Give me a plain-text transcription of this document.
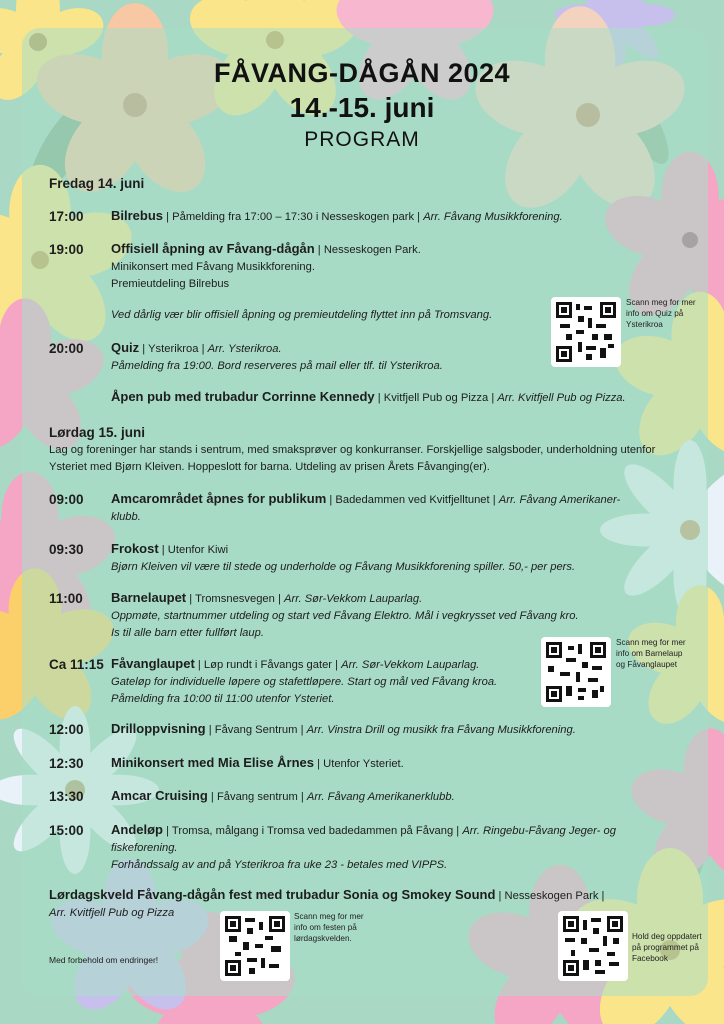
FÅVANG-DÅGÅN 2024
14.-15. juni
PROGRAM
Fredag 14. juni
17:00 Bilrebus | Påmelding fra 17:00 – 17:30 i Nesseskogen park | Arr. Fåvang Musikkforening.
19:00 Offisiell åpning av Fåvang-dågån | Nesseskogen Park.
Minikonsert med Fåvang Musikkforening.
Premieutdeling Bilrebus
Ved dårlig vær blir offisiell åpning og premieutdeling flyttet inn på Tromsvang.
20:00 Quiz | Ysterikroa | Arr. Ysterikroa.
Påmelding fra 19:00. Bord reserveres på mail eller tlf. til Ysterikroa.
Åpen pub med trubadur Corrinne Kennedy | Kvitfjell Pub og Pizza | Arr. Kvitfjell Pub og Pizza.
Scann meg for mer info om Quiz på Ysterikroa
Lørdag 15. juni
Lag og foreninger har stands i sentrum, med smaksprøver og konkurranser. Forskjellige salgsboder, underholdning utenfor Ysteriet med Bjørn Kleiven. Hoppeslott for barna. Utdeling av prisen Årets Fåvanging(er).
09:00 Amcarområdet åpnes for publikum | Badedammen ved Kvitfjelltunet | Arr. Fåvang Amerikaner-
klubb.
09:30 Frokost | Utenfor Kiwi
Bjørn Kleiven vil være til stede og underholde og Fåvang Musikkforening spiller. 50,- per pers.
11:00 Barnelaupet | Tromsnesvegen | Arr. Sør-Vekkom Lauparlag.
Oppmøte, startnummer utdeling og start ved Fåvang Elektro. Mål i vegkrysset ved Fåvang kro.
Is til alle barn etter fullført laup.
Ca 11:15 Fåvanglaupet | Løp rundt i Fåvangs gater | Arr. Sør-Vekkom Lauparlag.
Gateløp for individuelle løpere og stafettløpere. Start og mål ved Fåvang kroa.
Påmelding fra 10:00 til 11:00 utenfor Ysteriet.
Scann meg for mer info om Barnelaup og Fåvanglaupet
12:00 Drilloppvisning | Fåvang Sentrum | Arr. Vinstra Drill og musikk fra Fåvang Musikkforening.
12:30 Minikonsert med Mia Elise Årnes | Utenfor Ysteriet.
13:30 Amcar Cruising | Fåvang sentrum | Arr. Fåvang Amerikanerklubb.
15:00 Andeløp | Tromsa, målgang i Tromsa ved badedammen på Fåvang | Arr. Ringebu-Fåvang Jeger- og
fiskeforening.
Forhåndssalg av and på Ysterikroa fra uke 23 - betales med VIPPS.
Lørdagskveld Fåvang-dågån fest med trubadur Sonia og Smokey Sound | Nesseskogen Park |
Arr. Kvitfjell Pub og Pizza	Scann meg for mer info om festen på lørdagskvelden.	Hold deg oppdatert på programmet på Facebook
Med forbehold om endringer!
